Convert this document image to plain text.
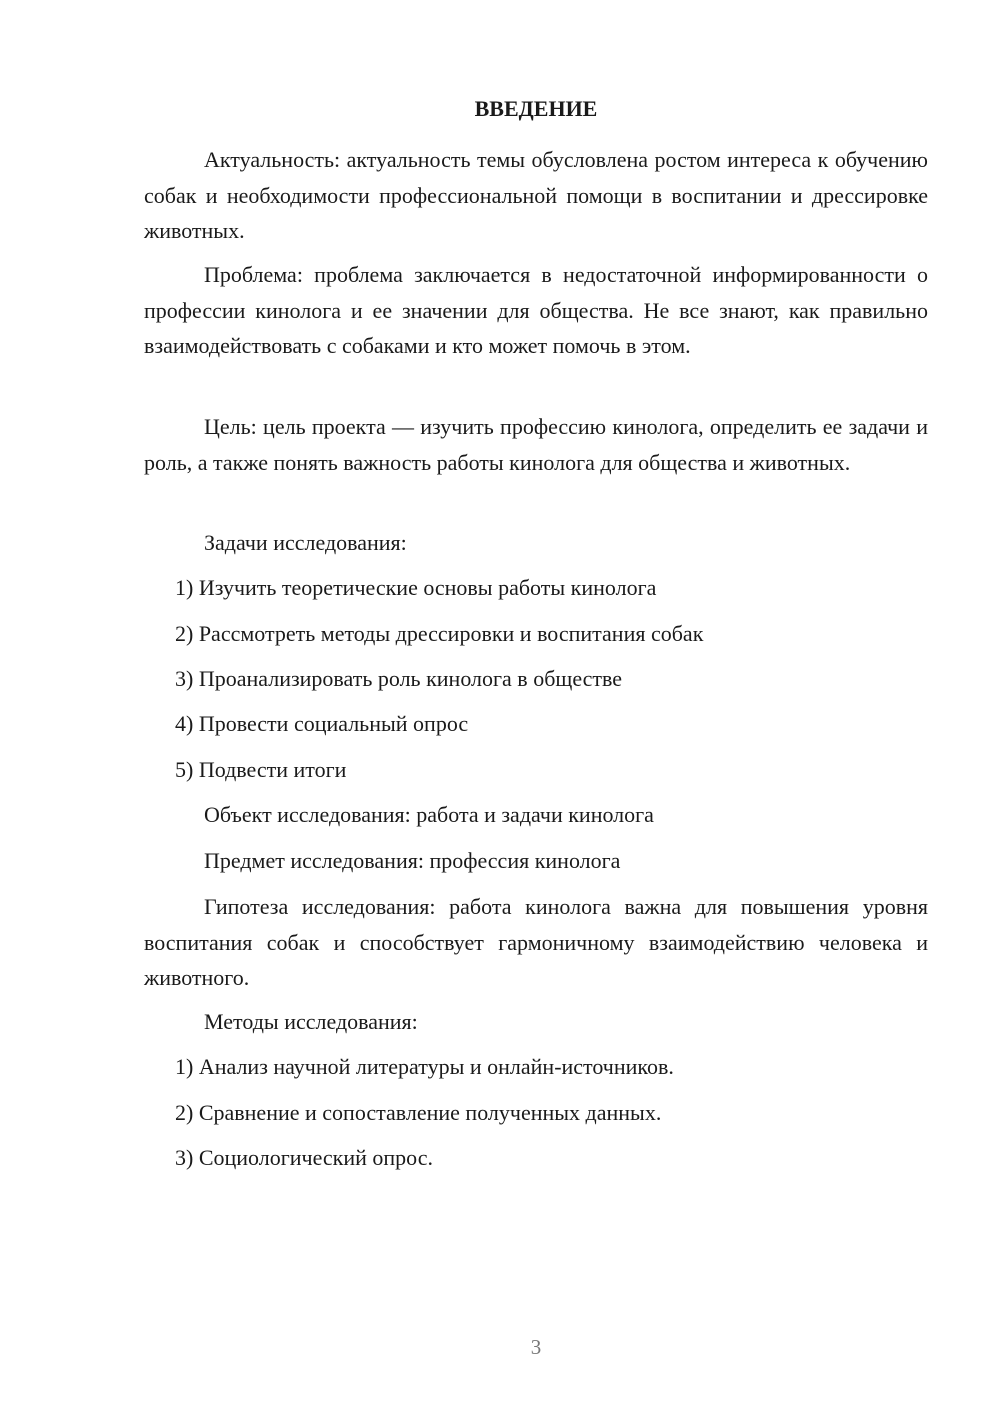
ВВЕДЕНИЕ

Актуальность: актуальность темы обусловлена ростом интереса к обучению собак и необходимости профессиональной помощи в воспитании и дрессировке животных.

Проблема: проблема заключается в недостаточной информированности о профессии кинолога и ее значении для общества. Не все знают, как правильно взаимодействовать с собаками и кто может помочь в этом.

Цель: цель проекта — изучить профессию кинолога, определить ее задачи и роль, а также понять важность работы кинолога для общества и животных.

Задачи исследования:
1) Изучить теоретические основы работы кинолога
2) Рассмотреть методы дрессировки и воспитания собак
3) Проанализировать роль кинолога в обществе
4) Провести социальный опрос
5) Подвести итоги
Объект исследования: работа и задачи кинолога
Предмет исследования: профессия кинолога

Гипотеза исследования: работа кинолога важна для повышения уровня воспитания собак и способствует гармоничному взаимодействию человека и животного.

Методы исследования:
1) Анализ научной литературы и онлайн-источников.
2) Сравнение и сопоставление полученных данных.
3) Социологический опрос.
3
